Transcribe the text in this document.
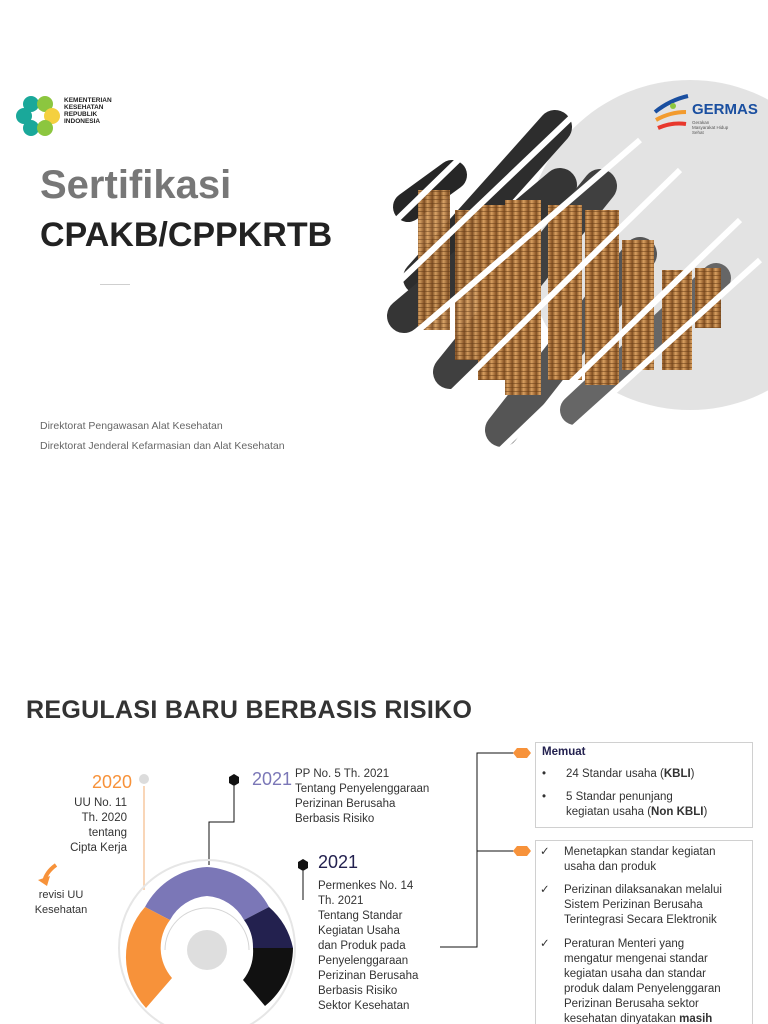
KEMENTERIAN
KESEHATAN
REPUBLIK
INDONESIA
GERMAS
Gerakan Masyarakat Hidup Sehat
Sertifikasi
CPAKB/CPPKRTB
Direktorat Pengawasan Alat Kesehatan
Direktorat Jenderal Kefarmasian dan Alat Kesehatan
REGULASI BARU BERBASIS RISIKO
2020
UU No. 11
Th. 2020
tentang
Cipta Kerja
revisi UU
Kesehatan
2021 PP No. 5 Th. 2021
Tentang Penyelenggaraan
Perizinan Berusaha
Berbasis Risiko
2021
Permenkes No. 14
Th. 2021
Tentang Standar
Kegiatan Usaha
dan Produk pada
Penyelenggaraan
Perizinan Berusaha
Berbasis Risiko
Sektor Kesehatan
Memuat
• 24 Standar usaha (KBLI)
• 5 Standar penunjang
kegiatan usaha (Non KBLI)
✓ Menetapkan standar kegiatan
usaha dan produk
✓ Perizinan dilaksanakan melalui
Sistem Perizinan Berusaha
Terintegrasi Secara Elektronik
✓ Peraturan Menteri yang
mengatur mengenai standar
kegiatan usaha dan standar
produk dalam Penyelenggaran
Perizinan Berusaha sektor
kesehatan dinyatakan masih
